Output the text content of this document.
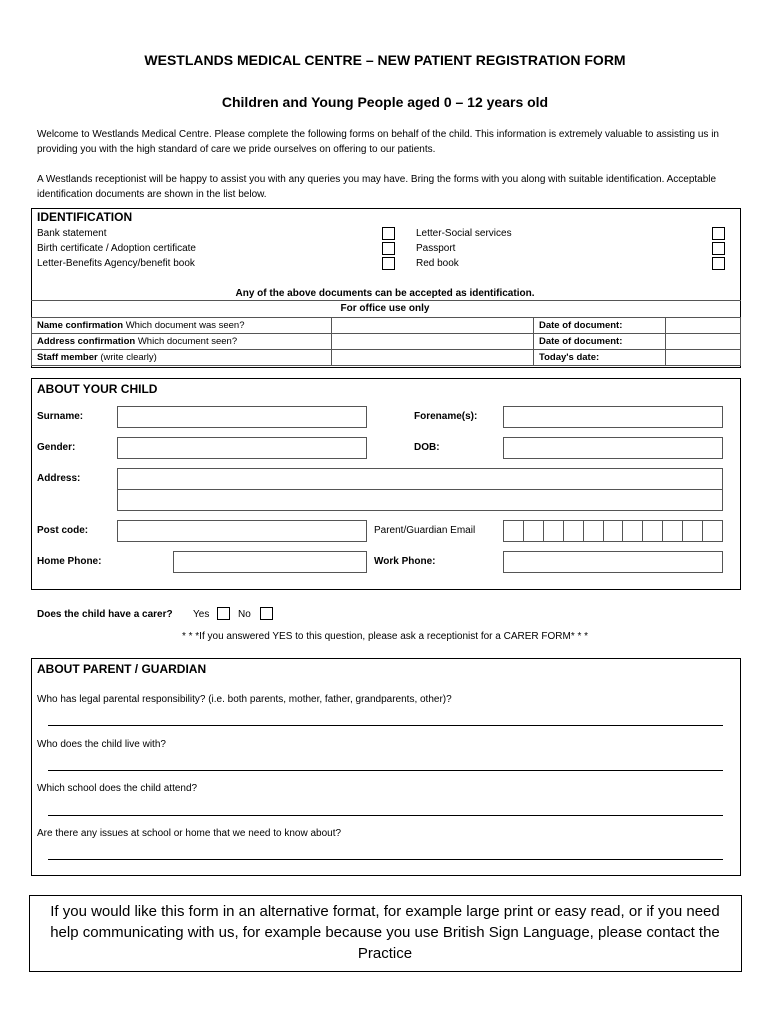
WESTLANDS MEDICAL CENTRE – NEW PATIENT REGISTRATION FORM
Children and Young People aged 0 – 12 years old
Welcome to Westlands Medical Centre. Please complete the following forms on behalf of the child. This information is extremely valuable to assisting us in providing you with the high standard of care we pride ourselves on offering to our patients.
A Westlands receptionist will be happy to assist you with any queries you may have. Bring the forms with you along with suitable identification. Acceptable identification documents are shown in the list below.
IDENTIFICATION
Bank statement
Birth certificate / Adoption certificate
Letter-Benefits Agency/benefit book
Letter-Social services
Passport
Red book
Any of the above documents can be accepted as identification.
For office use only
Name confirmation Which document was seen?		Date of document:	
Address confirmation Which document seen?		Date of document:	
Staff member (write clearly)		Today's date:	
ABOUT YOUR CHILD
Surname:	Forename(s):
Gender:	DOB:
Address:
Post code:	Parent/Guardian Email
Home Phone:	Work Phone:
Does the child have a carer? Yes	No
* * *If you answered YES to this question, please ask a receptionist for a CARER FORM* * *
ABOUT PARENT / GUARDIAN
Who has legal parental responsibility? (i.e. both parents, mother, father, grandparents, other)?
Who does the child live with?
Which school does the child attend?
Are there any issues at school or home that we need to know about?
If you would like this form in an alternative format, for example large print or easy read, or if you need help communicating with us, for example because you use British Sign Language, please contact the Practice
